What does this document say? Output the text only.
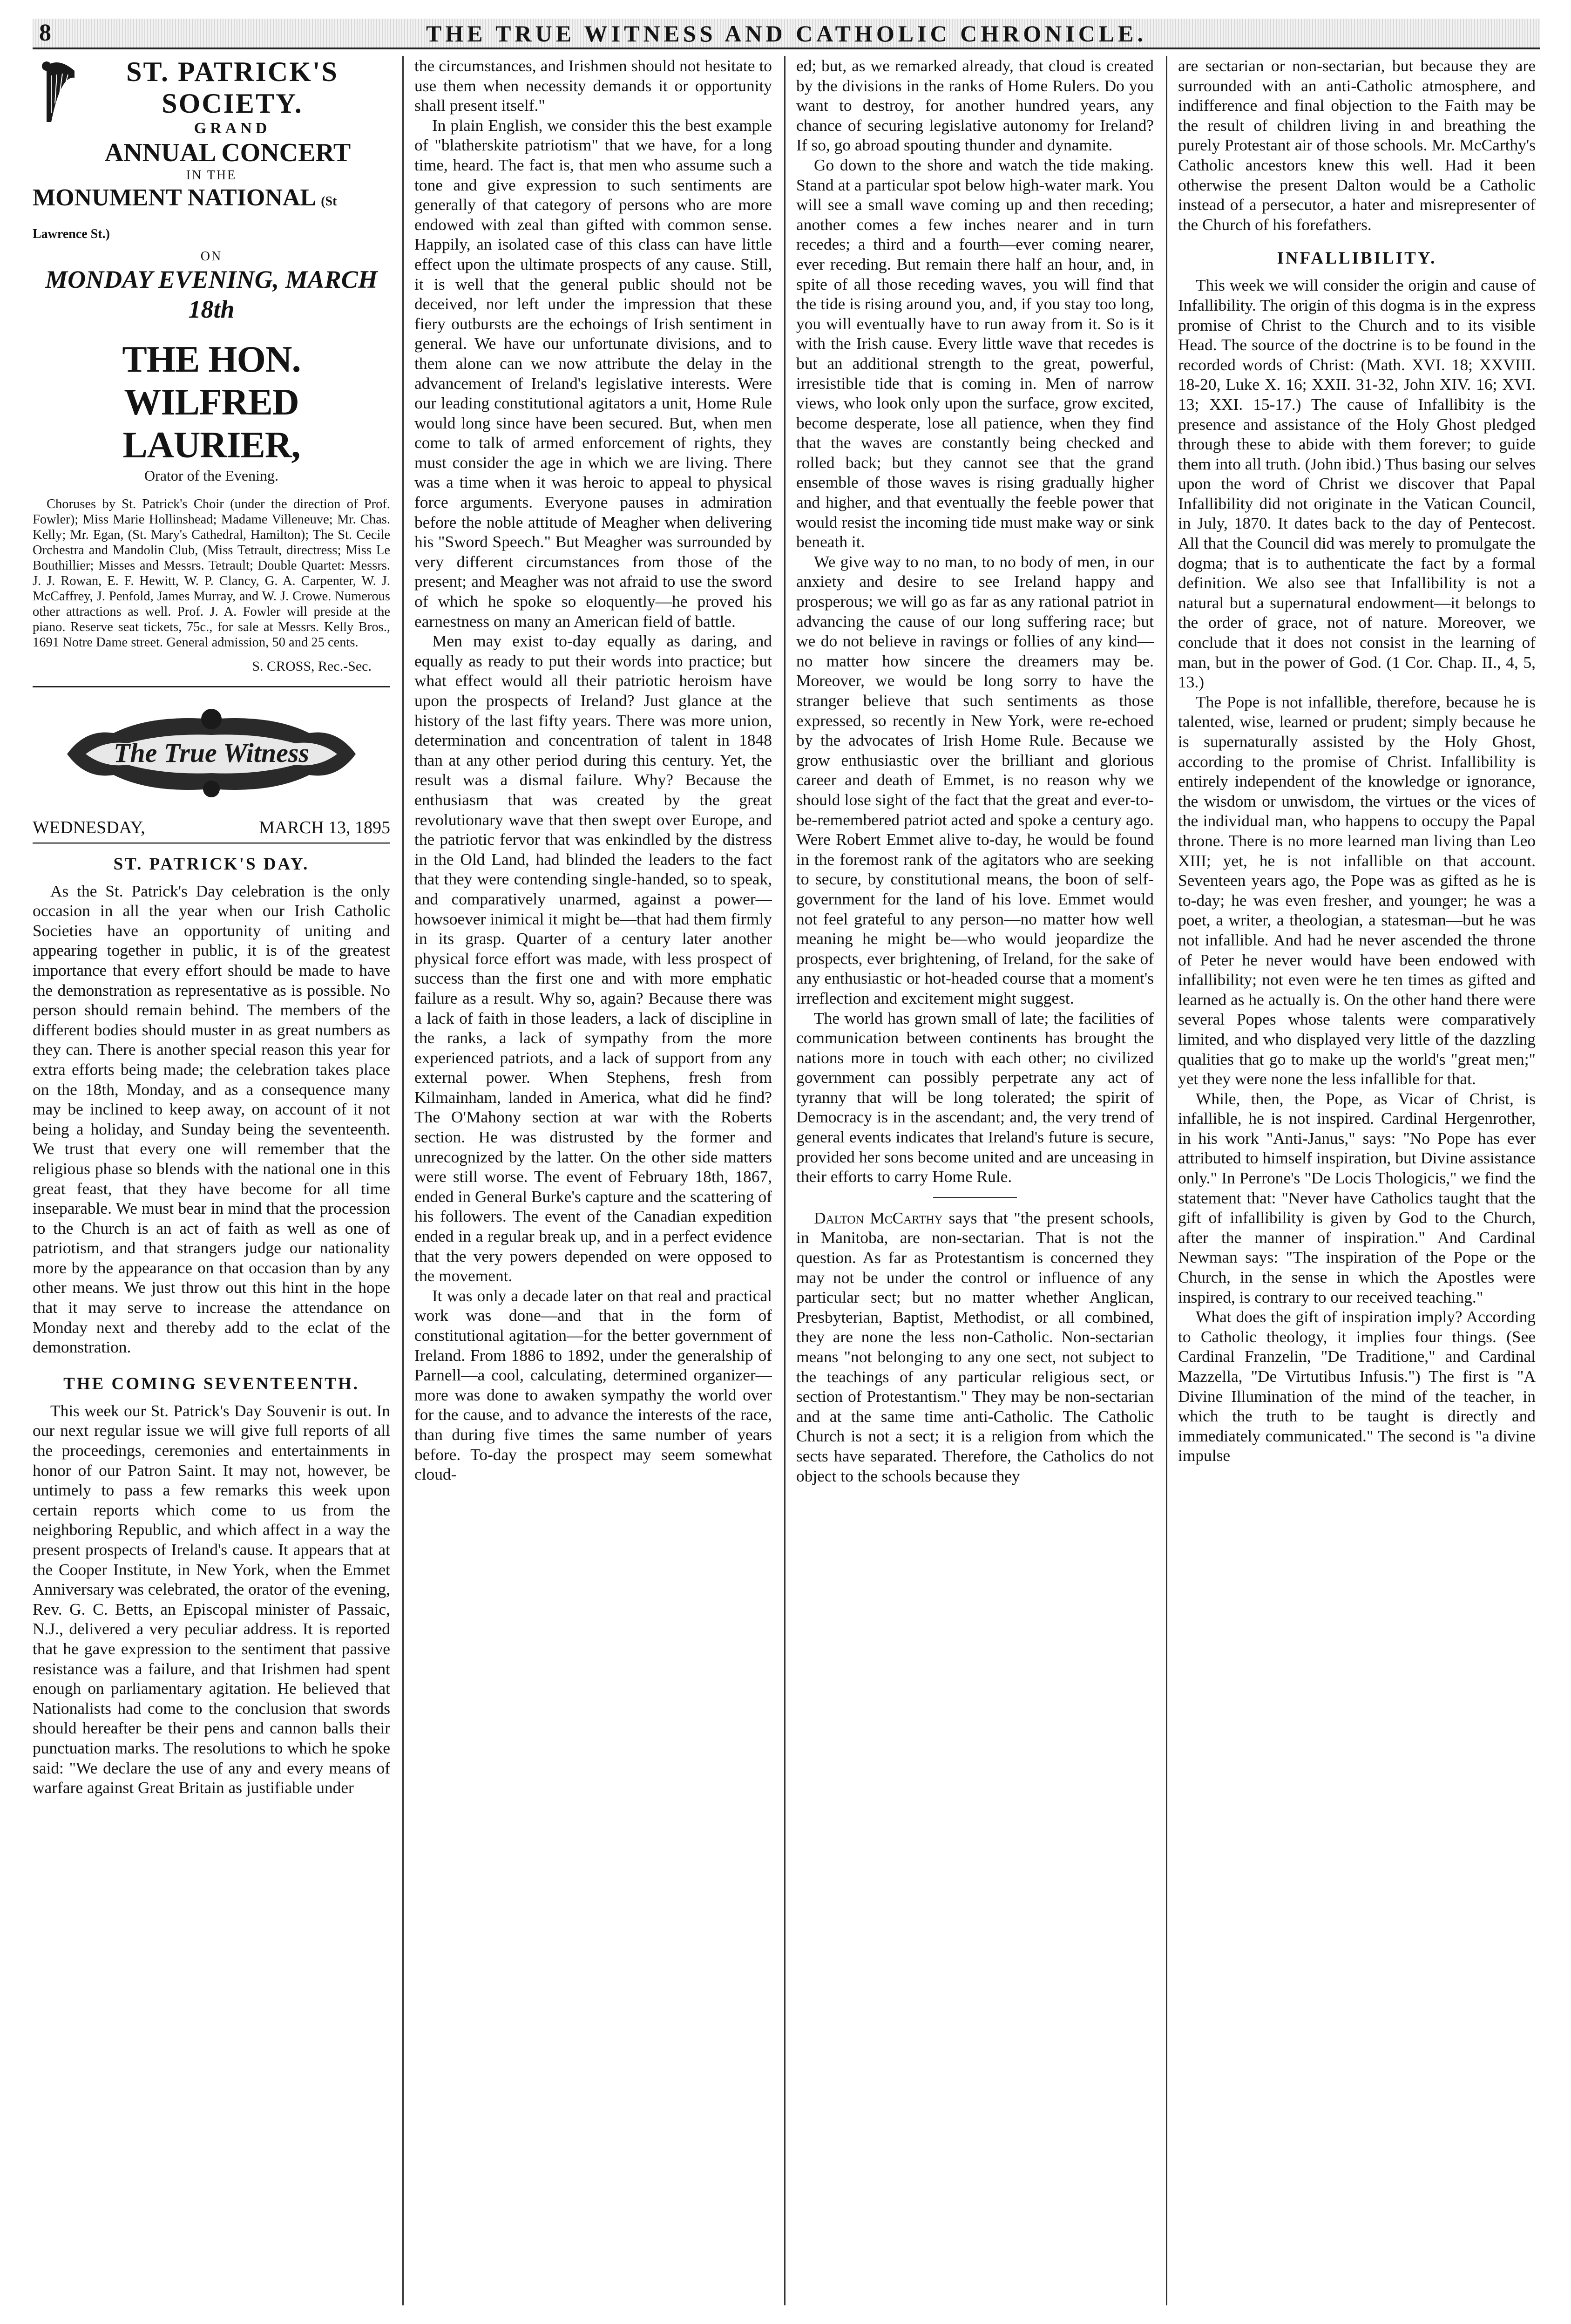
8	THE TRUE WITNESS AND CATHOLIC CHRONICLE.
ST. PATRICK'S SOCIETY.
GRAND
ANNUAL CONCERT
IN THE
MONUMENT NATIONAL (St Lawrence St.)
ON
MONDAY EVENING, MARCH 18th
THE HON. WILFRED LAURIER,
Orator of the Evening.
Choruses by St. Patrick's Choir (under the direction of Prof. Fowler); Miss Marie Hollinshead; Madame Villeneuve; Mr. Chas. Kelly; Mr. Egan, (St. Mary's Cathedral, Hamilton); The St. Cecile Orchestra and Mandolin Club, (Miss Tetrault, directress; Miss Le Bouthillier; Misses and Messrs. Tetrault; Double Quartet: Messrs. J. J. Rowan, E. F. Hewitt, W. P. Clancy, G. A. Carpenter, W. J. McCaffrey, J. Penfold, James Murray, and W. J. Crowe. Numerous other attractions as well. Prof. J. A. Fowler will preside at the piano. Reserve seat tickets, 75c., for sale at Messrs. Kelly Bros., 1691 Notre Dame street. General admission, 50 and 25 cents.
S. CROSS, Rec.-Sec.
The True Witness
WEDNESDAY,	MARCH 13, 1895
ST. PATRICK'S DAY.

As the St. Patrick's Day celebration is the only occasion in all the year when our Irish Catholic Societies have an opportunity of uniting and appearing together in public, it is of the greatest importance that every effort should be made to have the demonstration as representative as is possible. No person should remain behind. The members of the different bodies should muster in as great numbers as they can. There is another special reason this year for extra efforts being made; the celebration takes place on the 18th, Monday, and as a consequence many may be inclined to keep away, on account of it not being a holiday, and Sunday being the seventeenth. We trust that every one will remember that the religious phase so blends with the national one in this great feast, that they have become for all time inseparable. We must bear in mind that the procession to the Church is an act of faith as well as one of patriotism, and that strangers judge our nationality more by the appearance on that occasion than by any other means. We just throw out this hint in the hope that it may serve to increase the attendance on Monday next and thereby add to the eclat of the demonstration.

THE COMING SEVENTEENTH.

This week our St. Patrick's Day Souvenir is out. In our next regular issue we will give full reports of all the proceedings, ceremonies and entertainments in honor of our Patron Saint. It may not, however, be untimely to pass a few remarks this week upon certain reports which come to us from the neighboring Republic, and which affect in a way the present prospects of Ireland's cause. It appears that at the Cooper Institute, in New York, when the Emmet Anniversary was celebrated, the orator of the evening, Rev. G. C. Betts, an Episcopal minister of Passaic, N.J., delivered a very peculiar address. It is reported that he gave expression to the sentiment that passive resistance was a failure, and that Irishmen had spent enough on parliamentary agitation. He believed that Nationalists had come to the conclusion that swords should hereafter be their pens and cannon balls their punctuation marks. The resolutions to which he spoke said: "We declare the use of any and every means of warfare against Great Britain as justifiable under

the circumstances, and Irishmen should not hesitate to use them when necessity demands it or opportunity shall present itself."

In plain English, we consider this the best example of "blatherskite patriotism" that we have, for a long time, heard. The fact is, that men who assume such a tone and give expression to such sentiments are generally of that category of persons who are more endowed with zeal than gifted with common sense. Happily, an isolated case of this class can have little effect upon the ultimate prospects of any cause. Still, it is well that the general public should not be deceived, nor left under the impression that these fiery outbursts are the echoings of Irish sentiment in general. We have our unfortunate divisions, and to them alone can we now attribute the delay in the advancement of Ireland's legislative interests. Were our leading constitutional agitators a unit, Home Rule would long since have been secured. But, when men come to talk of armed enforcement of rights, they must consider the age in which we are living. There was a time when it was heroic to appeal to physical force arguments. Everyone pauses in admiration before the noble attitude of Meagher when delivering his "Sword Speech." But Meagher was surrounded by very different circumstances from those of the present; and Meagher was not afraid to use the sword of which he spoke so eloquently—he proved his earnestness on many an American field of battle.

Men may exist to-day equally as daring, and equally as ready to put their words into practice; but what effect would all their patriotic heroism have upon the prospects of Ireland? Just glance at the history of the last fifty years. There was more union, determination and concentration of talent in 1848 than at any other period during this century. Yet, the result was a dismal failure. Why? Because the enthusiasm that was created by the great revolutionary wave that then swept over Europe, and the patriotic fervor that was enkindled by the distress in the Old Land, had blinded the leaders to the fact that they were contending single-handed, so to speak, and comparatively unarmed, against a power—howsoever inimical it might be—that had them firmly in its grasp. Quarter of a century later another physical force effort was made, with less prospect of success than the first one and with more emphatic failure as a result. Why so, again? Because there was a lack of faith in those leaders, a lack of discipline in the ranks, a lack of sympathy from the more experienced patriots, and a lack of support from any external power. When Stephens, fresh from Kilmainham, landed in America, what did he find? The O'Mahony section at war with the Roberts section. He was distrusted by the former and unrecognized by the latter. On the other side matters were still worse. The event of February 18th, 1867, ended in General Burke's capture and the scattering of his followers. The event of the Canadian expedition ended in a regular break up, and in a perfect evidence that the very powers depended on were opposed to the movement.

It was only a decade later on that real and practical work was done—and that in the form of constitutional agitation—for the better government of Ireland. From 1886 to 1892, under the generalship of Parnell—a cool, calculating, determined organizer—more was done to awaken sympathy the world over for the cause, and to advance the interests of the race, than during five times the same number of years before. To-day the prospect may seem somewhat cloud-

ed; but, as we remarked already, that cloud is created by the divisions in the ranks of Home Rulers. Do you want to destroy, for another hundred years, any chance of securing legislative autonomy for Ireland? If so, go abroad spouting thunder and dynamite.

Go down to the shore and watch the tide making. Stand at a particular spot below high-water mark. You will see a small wave coming up and then receding; another comes a few inches nearer and in turn recedes; a third and a fourth—ever coming nearer, ever receding. But remain there half an hour, and, in spite of all those receding waves, you will find that the tide is rising around you, and, if you stay too long, you will eventually have to run away from it. So is it with the Irish cause. Every little wave that recedes is but an additional strength to the great, powerful, irresistible tide that is coming in. Men of narrow views, who look only upon the surface, grow excited, become desperate, lose all patience, when they find that the waves are constantly being checked and rolled back; but they cannot see that the grand ensemble of those waves is rising gradually higher and higher, and that eventually the feeble power that would resist the incoming tide must make way or sink beneath it.

We give way to no man, to no body of men, in our anxiety and desire to see Ireland happy and prosperous; we will go as far as any rational patriot in advancing the cause of our long suffering race; but we do not believe in ravings or follies of any kind—no matter how sincere the dreamers may be. Moreover, we would be long sorry to have the stranger believe that such sentiments as those expressed, so recently in New York, were re-echoed by the advocates of Irish Home Rule. Because we grow enthusiastic over the brilliant and glorious career and death of Emmet, is no reason why we should lose sight of the fact that the great and ever-to-be-remembered patriot acted and spoke a century ago. Were Robert Emmet alive to-day, he would be found in the foremost rank of the agitators who are seeking to secure, by constitutional means, the boon of self-government for the land of his love. Emmet would not feel grateful to any person—no matter how well meaning he might be—who would jeopardize the prospects, ever brightening, of Ireland, for the sake of any enthusiastic or hot-headed course that a moment's irreflection and excitement might suggest.

The world has grown small of late; the facilities of communication between continents has brought the nations more in touch with each other; no civilized government can possibly perpetrate any act of tyranny that will be long tolerated; the spirit of Democracy is in the ascendant; and, the very trend of general events indicates that Ireland's future is secure, provided her sons become united and are unceasing in their efforts to carry Home Rule.

Dalton McCarthy says that "the present schools, in Manitoba, are non-sectarian. That is not the question. As far as Protestantism is concerned they may not be under the control or influence of any particular sect; but no matter whether Anglican, Presbyterian, Baptist, Methodist, or all combined, they are none the less non-Catholic. Non-sectarian means "not belonging to any one sect, not subject to the teachings of any particular religious sect, or section of Protestantism." They may be non-sectarian and at the same time anti-Catholic. The Catholic Church is not a sect; it is a religion from which the sects have separated. Therefore, the Catholics do not object to the schools because they

are sectarian or non-sectarian, but because they are surrounded with an anti-Catholic atmosphere, and indifference and final objection to the Faith may be the result of children living in and breathing the purely Protestant air of those schools. Mr. McCarthy's Catholic ancestors knew this well. Had it been otherwise the present Dalton would be a Catholic instead of a persecutor, a hater and misrepresenter of the Church of his forefathers.

INFALLIBILITY.

This week we will consider the origin and cause of Infallibility. The origin of this dogma is in the express promise of Christ to the Church and to its visible Head. The source of the doctrine is to be found in the recorded words of Christ: (Math. XVI. 18; XXVIII. 18-20, Luke X. 16; XXII. 31-32, John XIV. 16; XVI. 13; XXI. 15-17.) The cause of Infallibity is the presence and assistance of the Holy Ghost pledged through these to abide with them forever; to guide them into all truth. (John ibid.) Thus basing our selves upon the word of Christ we discover that Papal Infallibility did not originate in the Vatican Council, in July, 1870. It dates back to the day of Pentecost. All that the Council did was merely to promulgate the dogma; that is to authenticate the fact by a formal definition. We also see that Infallibility is not a natural but a supernatural endowment—it belongs to the order of grace, not of nature. Moreover, we conclude that it does not consist in the learning of man, but in the power of God. (1 Cor. Chap. II., 4, 5, 13.)

The Pope is not infallible, therefore, because he is talented, wise, learned or prudent; simply because he is supernaturally assisted by the Holy Ghost, according to the promise of Christ. Infallibility is entirely independent of the knowledge or ignorance, the wisdom or unwisdom, the virtues or the vices of the individual man, who happens to occupy the Papal throne. There is no more learned man living than Leo XIII; yet, he is not infallible on that account. Seventeen years ago, the Pope was as gifted as he is to-day; he was even fresher, and younger; he was a poet, a writer, a theologian, a statesman—but he was not infallible. And had he never ascended the throne of Peter he never would have been endowed with infallibility; not even were he ten times as gifted and learned as he actually is. On the other hand there were several Popes whose talents were comparatively limited, and who displayed very little of the dazzling qualities that go to make up the world's "great men;" yet they were none the less infallible for that.

While, then, the Pope, as Vicar of Christ, is infallible, he is not inspired. Cardinal Hergenrother, in his work "Anti-Janus," says: "No Pope has ever attributed to himself inspiration, but Divine assistance only." In Perrone's "De Locis Thologicis," we find the statement that: "Never have Catholics taught that the gift of infallibility is given by God to the Church, after the manner of inspiration." And Cardinal Newman says: "The inspiration of the Pope or the Church, in the sense in which the Apostles were inspired, is contrary to our received teaching."

What does the gift of inspiration imply? According to Catholic theology, it implies four things. (See Cardinal Franzelin, "De Traditione," and Cardinal Mazzella, "De Virtutibus Infusis.") The first is "A Divine Illumination of the mind of the teacher, in which the truth to be taught is directly and immediately communicated." The second is "a divine impulse
